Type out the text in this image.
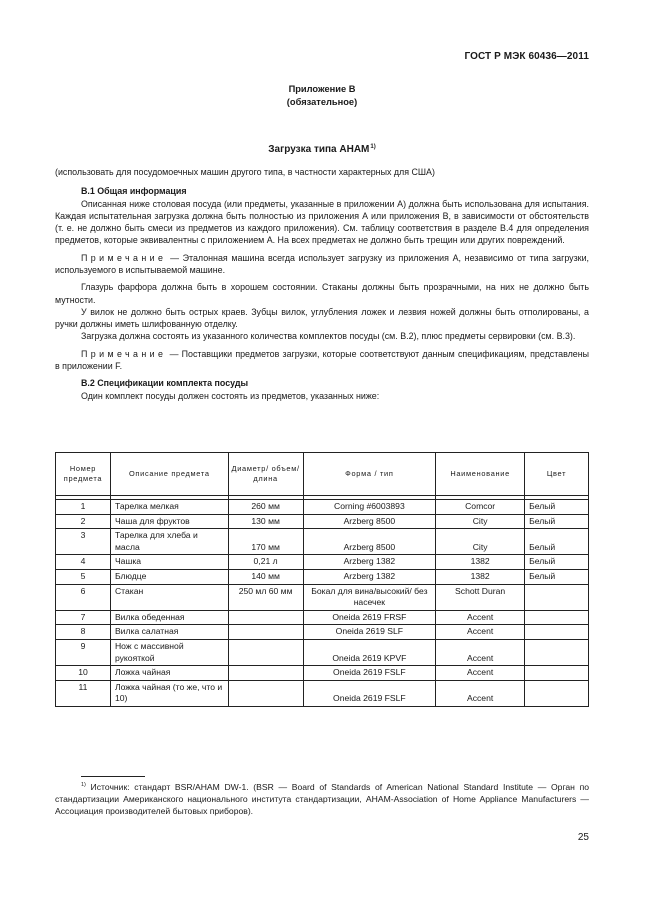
ГОСТ Р МЭК 60436—2011
Приложение В
(обязательное)
Загрузка типа АНАМ$^{1)}$

(использовать для посудомоечных машин другого типа, в частности характерных для США)

В.1 Общая информация

Описанная ниже столовая посуда (или предметы, указанные в приложении А) должна быть использована для испытания. Каждая испытательная загрузка должна быть полностью из приложения А или приложения В, в зависимости от обстоятельств (т. е. не должно быть смеси из предметов из каждого приложения). См. таблицу соответствия в разделе В.4 для определения предметов, которые эквивалентны с приложением А. На всех предметах не должно быть трещин или других повреждений.

Примечание — Эталонная машина всегда использует загрузку из приложения А, независимо от типа загрузки, используемого в испытываемой машине.

Глазурь фарфора должна быть в хорошем состоянии. Стаканы должны быть прозрачными, на них не должно быть мутности.

У вилок не должно быть острых краев. Зубцы вилок, углубления ложек и лезвия ножей должны быть отполированы, а ручки должны иметь шлифованную отделку.

Загрузка должна состоять из указанного количества комплектов посуды (см. В.2), плюс предметы сервировки (см. В.3).

Примечание — Поставщики предметов загрузки, которые соответствуют данным спецификациям, представлены в приложении F.

В.2 Спецификации комплекта посуды

Один комплект посуды должен состоять из предметов, указанных ниже:

Номер предмета	Описание предмета	Диаметр/ объем/ длина	Форма / тип	Наименование	Цвет

1	Тарелка мелкая	260 мм	Corning #6003893	Comcor	Белый
2	Чаша для фруктов	130 мм	Arzberg 8500	City	Белый
3	Тарелка для хлеба и масла	170 мм	Arzberg 8500	City	Белый
4	Чашка	0,21 л	Arzberg 1382	1382	Белый
5	Блюдце	140 мм	Arzberg 1382	1382	Белый
6	Стакан	250 мл 60 мм	Бокал для вина/высокий/ без насечек	Schott Duran	
7	Вилка обеденная		Oneida 2619 FRSF	Accent	
8	Вилка салатная		Oneida 2619 SLF	Accent	
9	Нож с массивной рукояткой		Oneida 2619 KPVF	Accent	
10	Ложка чайная		Oneida 2619 FSLF	Accent	
11	Ложка чайная (то же, что и 10)		Oneida 2619 FSLF	Accent	
$^{1)}$ Источник: стандарт BSR/AHAM DW-1. (BSR — Board of Standards of American National Standard Institute — Орган по стандартизации Американского национального института стандартизации, AHAM-Association of Home Appliance Manufacturers — Ассоциация производителей бытовых приборов).
25
